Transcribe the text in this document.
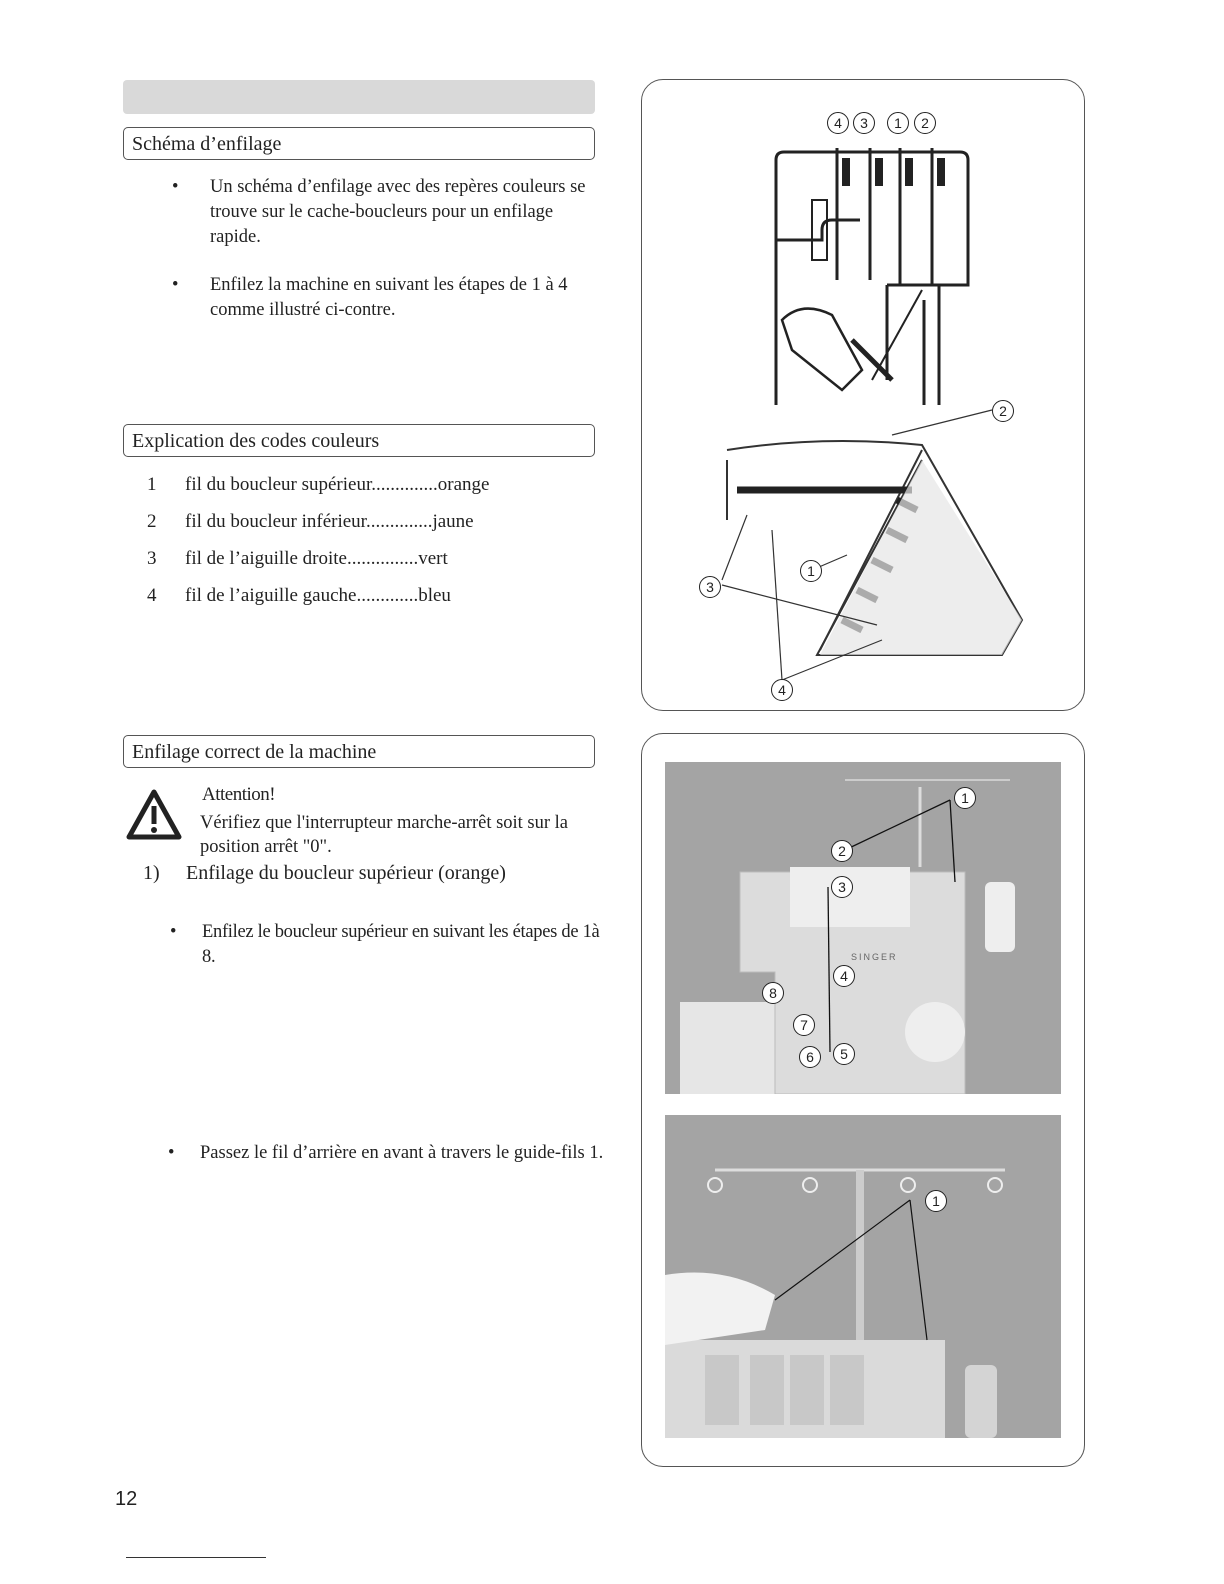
Schéma d’enfilage
• Un schéma d’enfilage avec des repères couleurs se trouve sur le cache-boucleurs pour un enfilage rapide.
• Enfilez la machine en suivant les étapes de 1 à 4 comme illustré ci-contre.
Explication des codes couleurs
1 fil du boucleur supérieur..............orange
2 fil du boucleur inférieur..............jaune
3 fil de l’aiguille droite...............vert
4 fil de l’aiguille gauche.............bleu
Enfilage correct de la machine
Attention!
Vérifiez que l'interrupteur marche-arrêt soit sur la position arrêt "0".
1) Enfilage du boucleur supérieur (orange)
• Enfilez le boucleur supérieur en suivant les étapes de 1à 8.
• Passez le fil d’arrière en avant à travers le guide-fils 1.
4	3	1	2
2
1
3
4
SINGER
1
2
3
4
5
6
7
8
1
12
